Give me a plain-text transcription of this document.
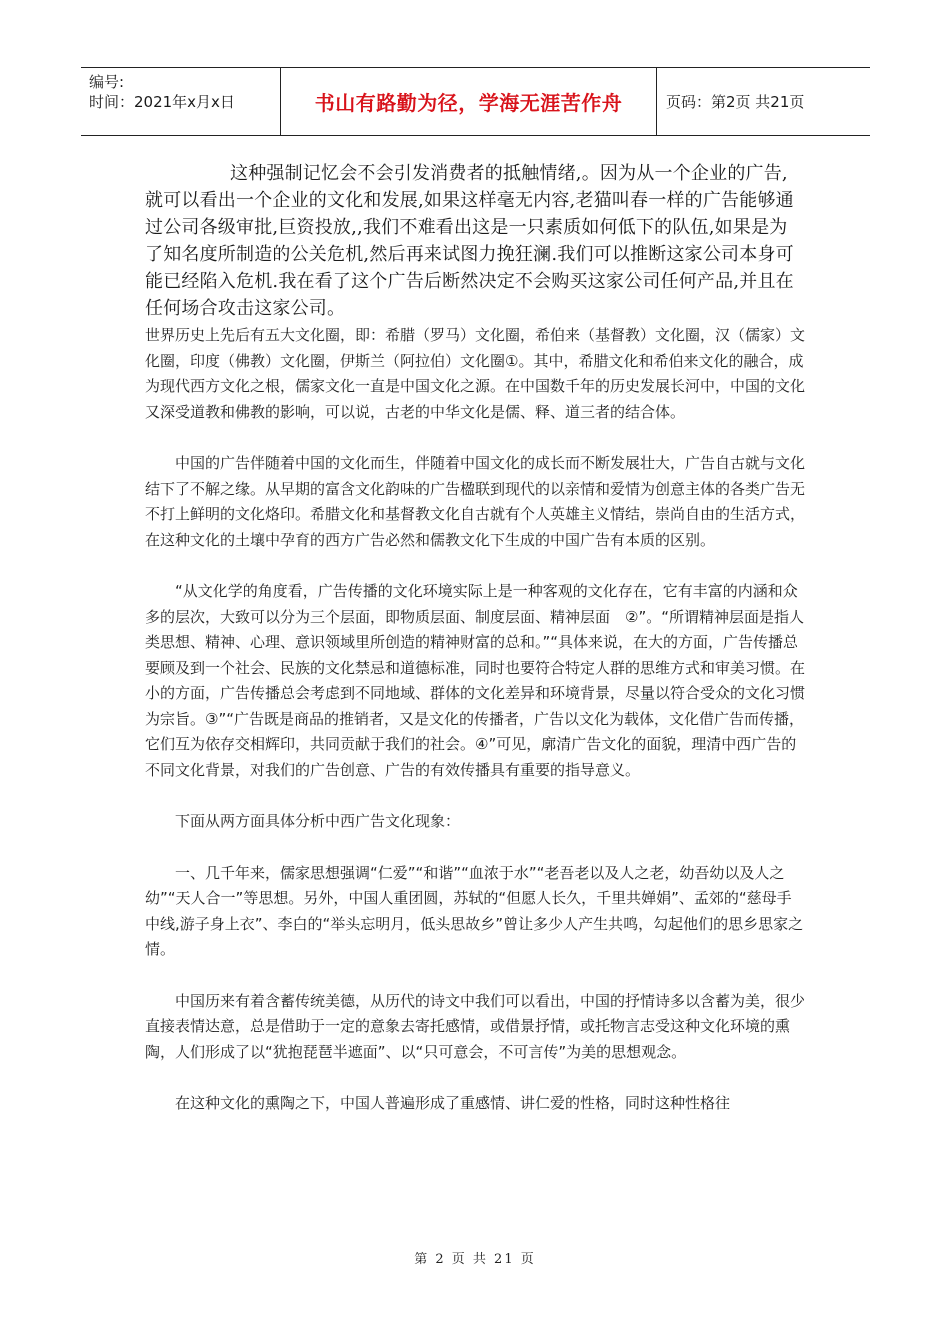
编号:
时间：2021年x月x日	书山有路勤为径，学海无涯苦作舟	页码：第2页 共21页

这种强制记忆会不会引发消费者的抵触情绪,。因为从一个企业的广告,就可以看出一个企业的文化和发展,如果这样毫无内容,老猫叫春一样的广告能够通过公司各级审批,巨资投放,,我们不难看出这是一只素质如何低下的队伍,如果是为了知名度所制造的公关危机,然后再来试图力挽狂澜.我们可以推断这家公司本身可能已经陷入危机.我在看了这个广告后断然决定不会购买这家公司任何产品,并且在任何场合攻击这家公司。

世界历史上先后有五大文化圈，即：希腊（罗马）文化圈，希伯来（基督教）文化圈，汉（儒家）文化圈，印度（佛教）文化圈，伊斯兰（阿拉伯）文化圈①。其中，希腊文化和希伯来文化的融合，成为现代西方文化之根，儒家文化一直是中国文化之源。在中国数千年的历史发展长河中，中国的文化又深受道教和佛教的影响，可以说，古老的中华文化是儒、释、道三者的结合体。

中国的广告伴随着中国的文化而生，伴随着中国文化的成长而不断发展壮大，广告自古就与文化结下了不解之缘。从早期的富含文化韵味的广告楹联到现代的以亲情和爱情为创意主体的各类广告无不打上鲜明的文化烙印。希腊文化和基督教文化自古就有个人英雄主义情结，崇尚自由的生活方式，在这种文化的土壤中孕育的西方广告必然和儒教文化下生成的中国广告有本质的区别。

“从文化学的角度看，广告传播的文化环境实际上是一种客观的文化存在，它有丰富的内涵和众多的层次，大致可以分为三个层面，即物质层面、制度层面、精神层面　②”。“所谓精神层面是指人类思想、精神、心理、意识领域里所创造的精神财富的总和。”“具体来说，在大的方面，广告传播总要顾及到一个社会、民族的文化禁忌和道德标准，同时也要符合特定人群的思维方式和审美习惯。在小的方面，广告传播总会考虑到不同地域、群体的文化差异和环境背景，尽量以符合受众的文化习惯为宗旨。③”“广告既是商品的推销者，又是文化的传播者，广告以文化为载体，文化借广告而传播，它们互为依存交相辉印，共同贡献于我们的社会。④”可见，廓清广告文化的面貌，理清中西广告的不同文化背景，对我们的广告创意、广告的有效传播具有重要的指导意义。

下面从两方面具体分析中西广告文化现象：

一、几千年来，儒家思想强调“仁爱”“和谐”“血浓于水”“老吾老以及人之老，幼吾幼以及人之幼”“天人合一”等思想。另外，中国人重团圆，苏轼的“但愿人长久，千里共婵娟”、孟郊的“慈母手中线,游子身上衣”、李白的“举头忘明月，低头思故乡”曾让多少人产生共鸣，勾起他们的思乡思家之情。

中国历来有着含蓄传统美德，从历代的诗文中我们可以看出，中国的抒情诗多以含蓄为美，很少直接表情达意，总是借助于一定的意象去寄托感情，或借景抒情，或托物言志受这种文化环境的熏陶，人们形成了以“犹抱琵琶半遮面”、以“只可意会，不可言传”为美的思想观念。

在这种文化的熏陶之下，中国人普遍形成了重感情、讲仁爱的性格，同时这种性格往

第 2 页 共 21 页
